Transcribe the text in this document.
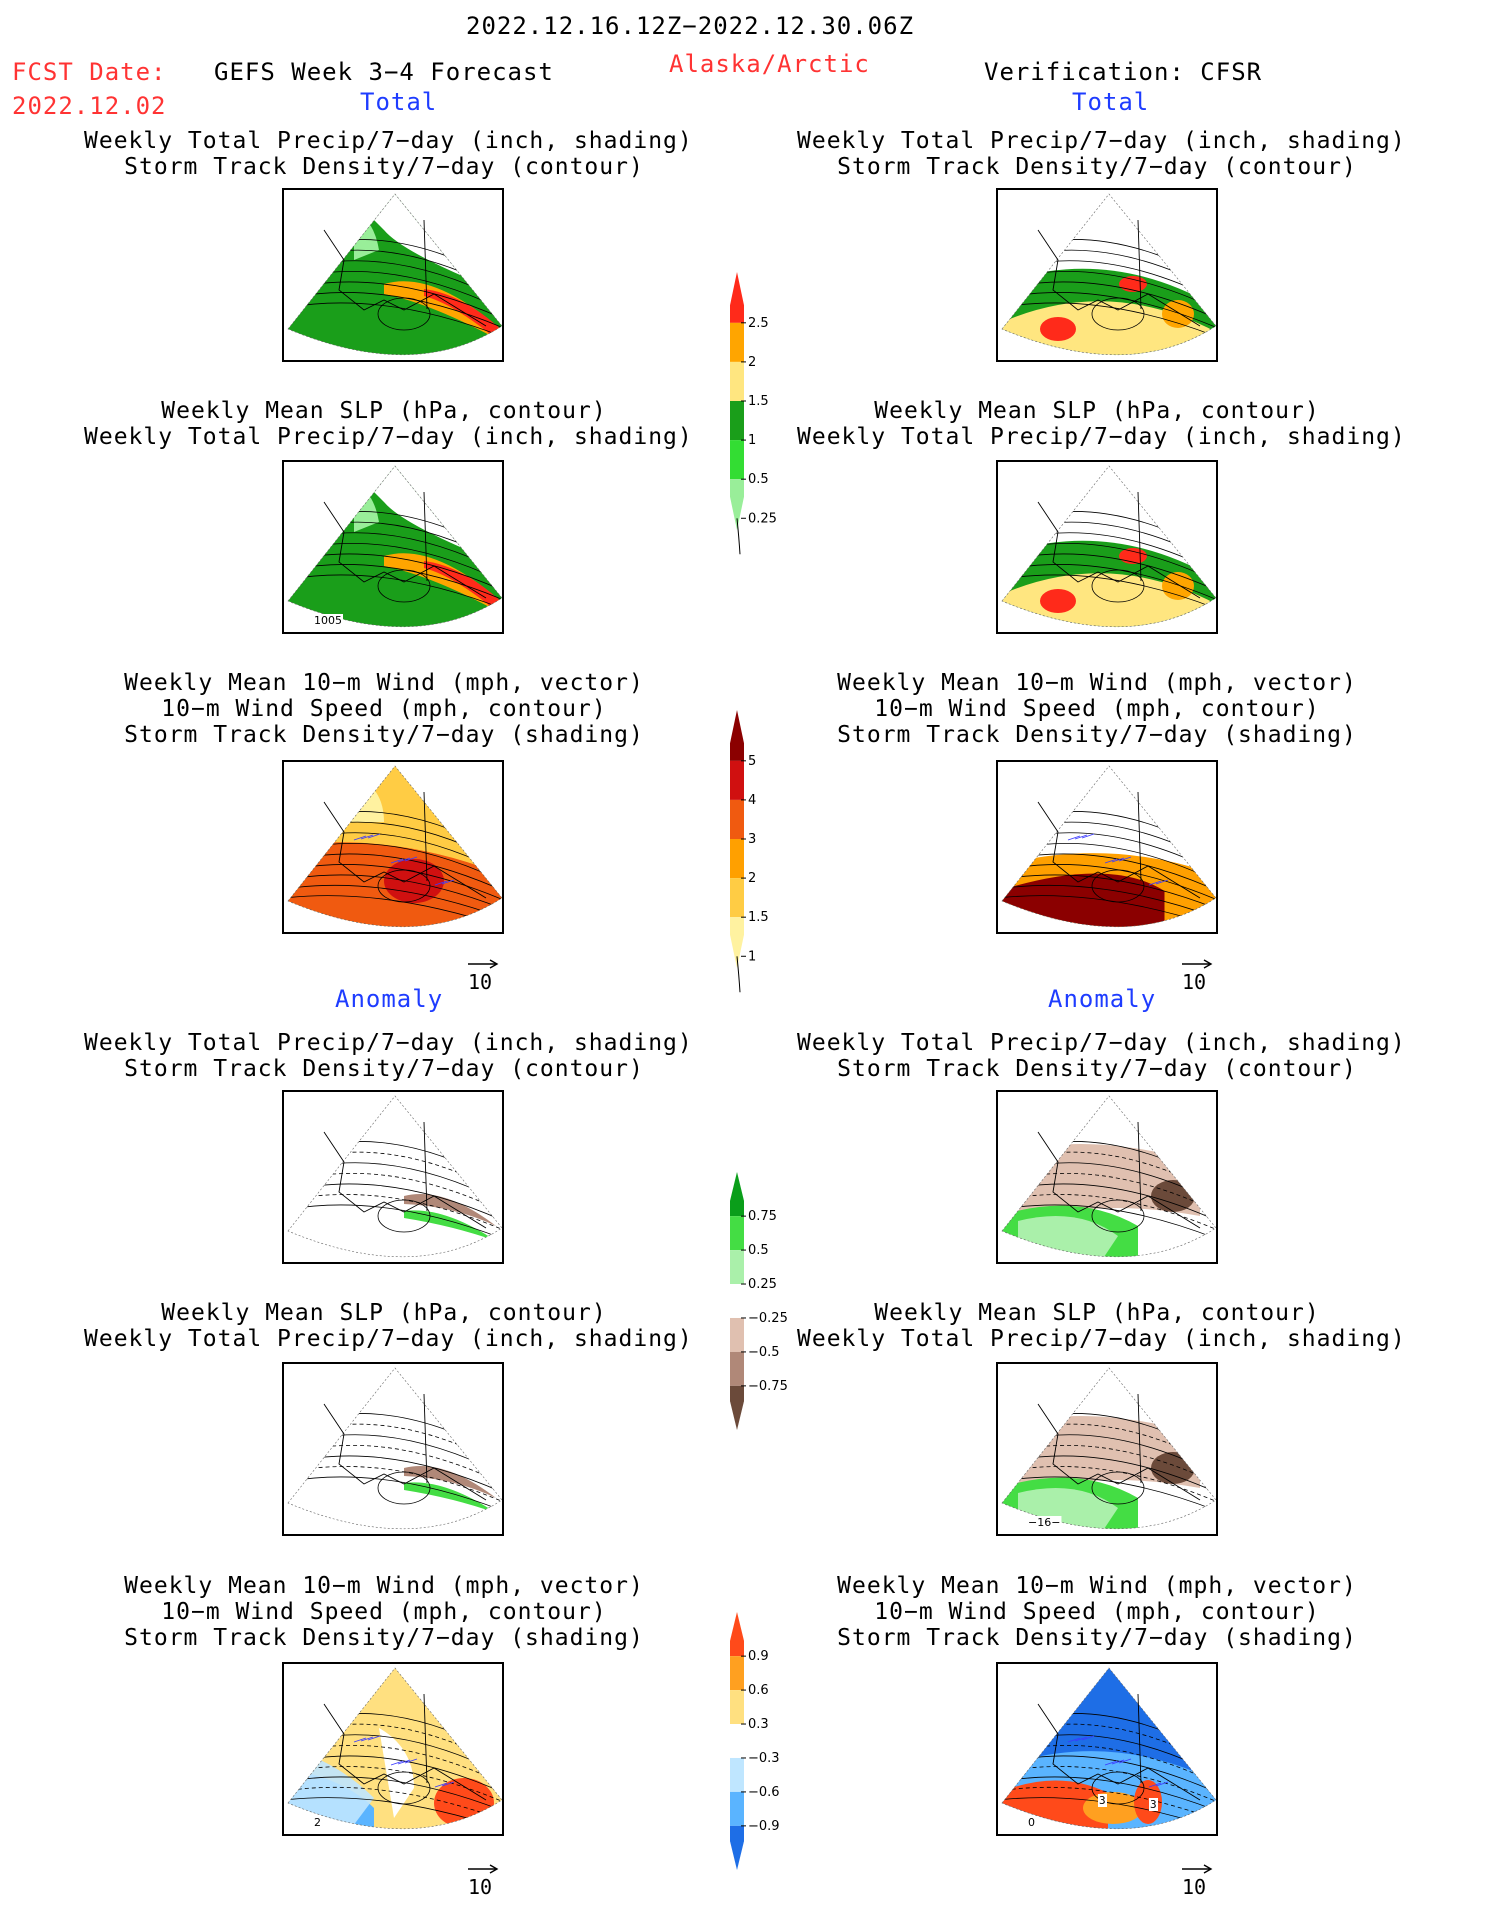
2022.12.16.12Z−2022.12.30.06Z
FCST Date:
2022.12.02
GEFS Week 3−4 Forecast	Alaska/Arctic	Verification: CFSR
Total	Total
Anomaly	Anomaly
Weekly Total Precip/7−day (inch, shading)
Storm Track Density/7−day (contour)
Weekly Total Precip/7−day (inch, shading)
Storm Track Density/7−day (contour)
Weekly Mean SLP (hPa, contour)
Weekly Total Precip/7−day (inch, shading)
Weekly Mean SLP (hPa, contour)
Weekly Total Precip/7−day (inch, shading)
Weekly Mean 10−m Wind (mph, vector)
10−m Wind Speed (mph, contour)
Storm Track Density/7−day (shading)
Weekly Mean 10−m Wind (mph, vector)
10−m Wind Speed (mph, contour)
Storm Track Density/7−day (shading)
Weekly Total Precip/7−day (inch, shading)
Storm Track Density/7−day (contour)
Weekly Total Precip/7−day (inch, shading)
Storm Track Density/7−day (contour)
Weekly Mean SLP (hPa, contour)
Weekly Total Precip/7−day (inch, shading)
Weekly Mean SLP (hPa, contour)
Weekly Total Precip/7−day (inch, shading)
Weekly Mean 10−m Wind (mph, vector)
10−m Wind Speed (mph, contour)
Storm Track Density/7−day (shading)
Weekly Mean 10−m Wind (mph, vector)
10−m Wind Speed (mph, contour)
Storm Track Density/7−day (shading)
1005
−16−
2	0
3	3
10	10
10	10
2.5
2
1.5
1
0.5
0.25
5
4
3
2
1.5
1
0.75
0.5
0.25
−0.25
−0.5
−0.75
0.9
0.6
0.3
−0.3
−0.6
−0.9
